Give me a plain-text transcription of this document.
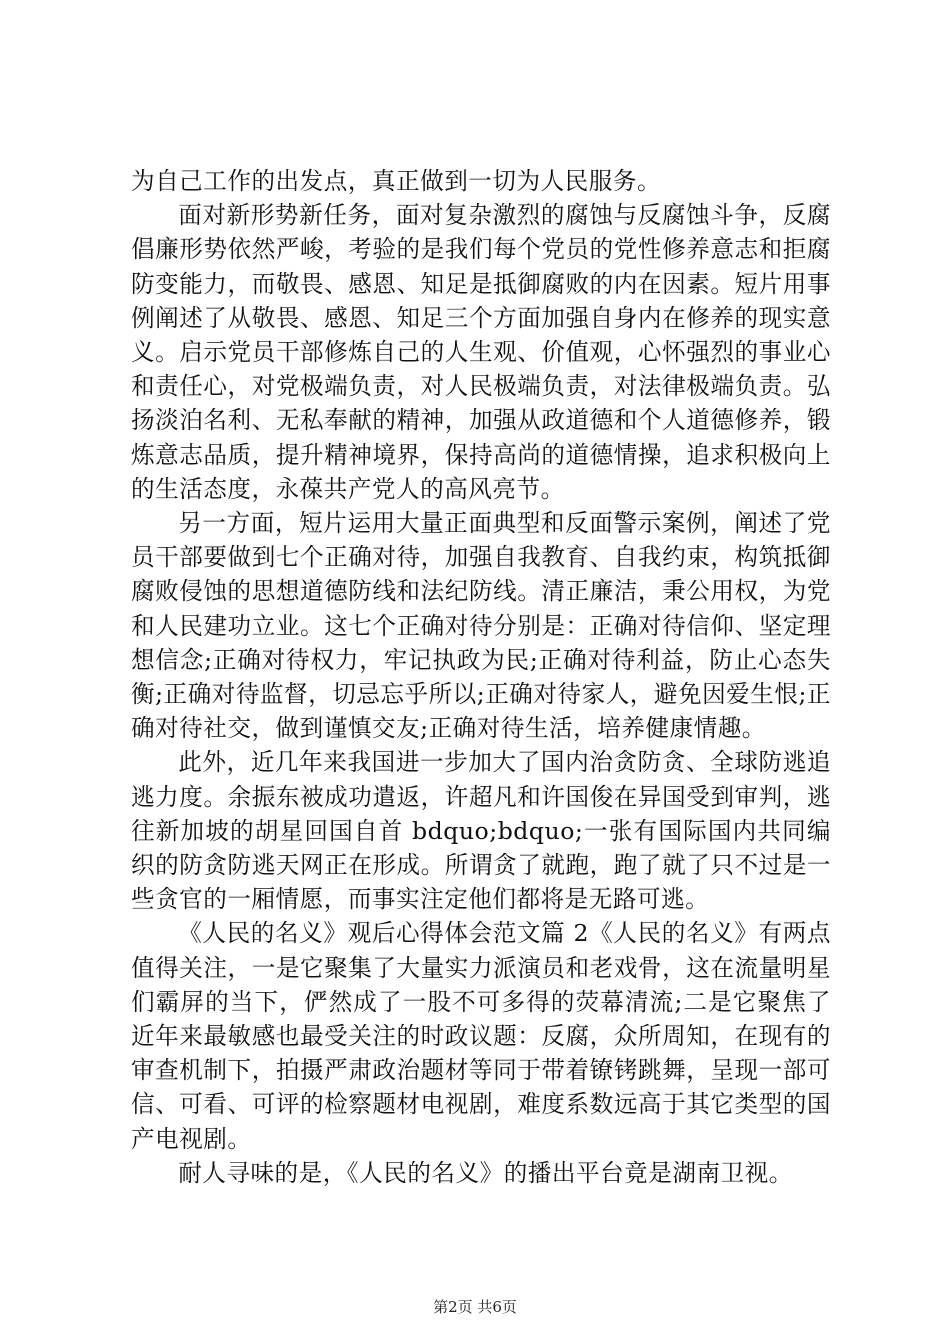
为自己工作的出发点，真正做到一切为人民服务。

面对新形势新任务，面对复杂激烈的腐蚀与反腐蚀斗争，反腐倡廉形势依然严峻，考验的是我们每个党员的党性修养意志和拒腐防变能力，而敬畏、感恩、知足是抵御腐败的内在因素。短片用事例阐述了从敬畏、感恩、知足三个方面加强自身内在修养的现实意义。启示党员干部修炼自己的人生观、价值观，心怀强烈的事业心和责任心，对党极端负责，对人民极端负责，对法律极端负责。弘扬淡泊名利、无私奉献的精神，加强从政道德和个人道德修养，锻炼意志品质，提升精神境界，保持高尚的道德情操，追求积极向上的生活态度，永葆共产党人的高风亮节。

另一方面，短片运用大量正面典型和反面警示案例，阐述了党员干部要做到七个正确对待，加强自我教育、自我约束，构筑抵御腐败侵蚀的思想道德防线和法纪防线。清正廉洁，秉公用权，为党和人民建功立业。这七个正确对待分别是：正确对待信仰、坚定理想信念;正确对待权力，牢记执政为民;正确对待利益，防止心态失衡;正确对待监督，切忌忘乎所以;正确对待家人，避免因爱生恨;正确对待社交，做到谨慎交友;正确对待生活，培养健康情趣。

此外，近几年来我国进一步加大了国内治贪防贪、全球防逃追逃力度。余振东被成功遣返，许超凡和许国俊在异国受到审判，逃往新加坡的胡星回国自首 bdquo;bdquo;一张有国际国内共同编织的防贪防逃天网正在形成。所谓贪了就跑，跑了就了只不过是一些贪官的一厢情愿，而事实注定他们都将是无路可逃。

《人民的名义》观后心得体会范文篇 2《人民的名义》有两点值得关注，一是它聚集了大量实力派演员和老戏骨，这在流量明星们霸屏的当下，俨然成了一股不可多得的荧幕清流;二是它聚焦了近年来最敏感也最受关注的时政议题：反腐，众所周知，在现有的审查机制下，拍摄严肃政治题材等同于带着镣铐跳舞，呈现一部可信、可看、可评的检察题材电视剧，难度系数远高于其它类型的国产电视剧。

耐人寻味的是，《人民的名义》的播出平台竟是湖南卫视。

第2页 共6页
